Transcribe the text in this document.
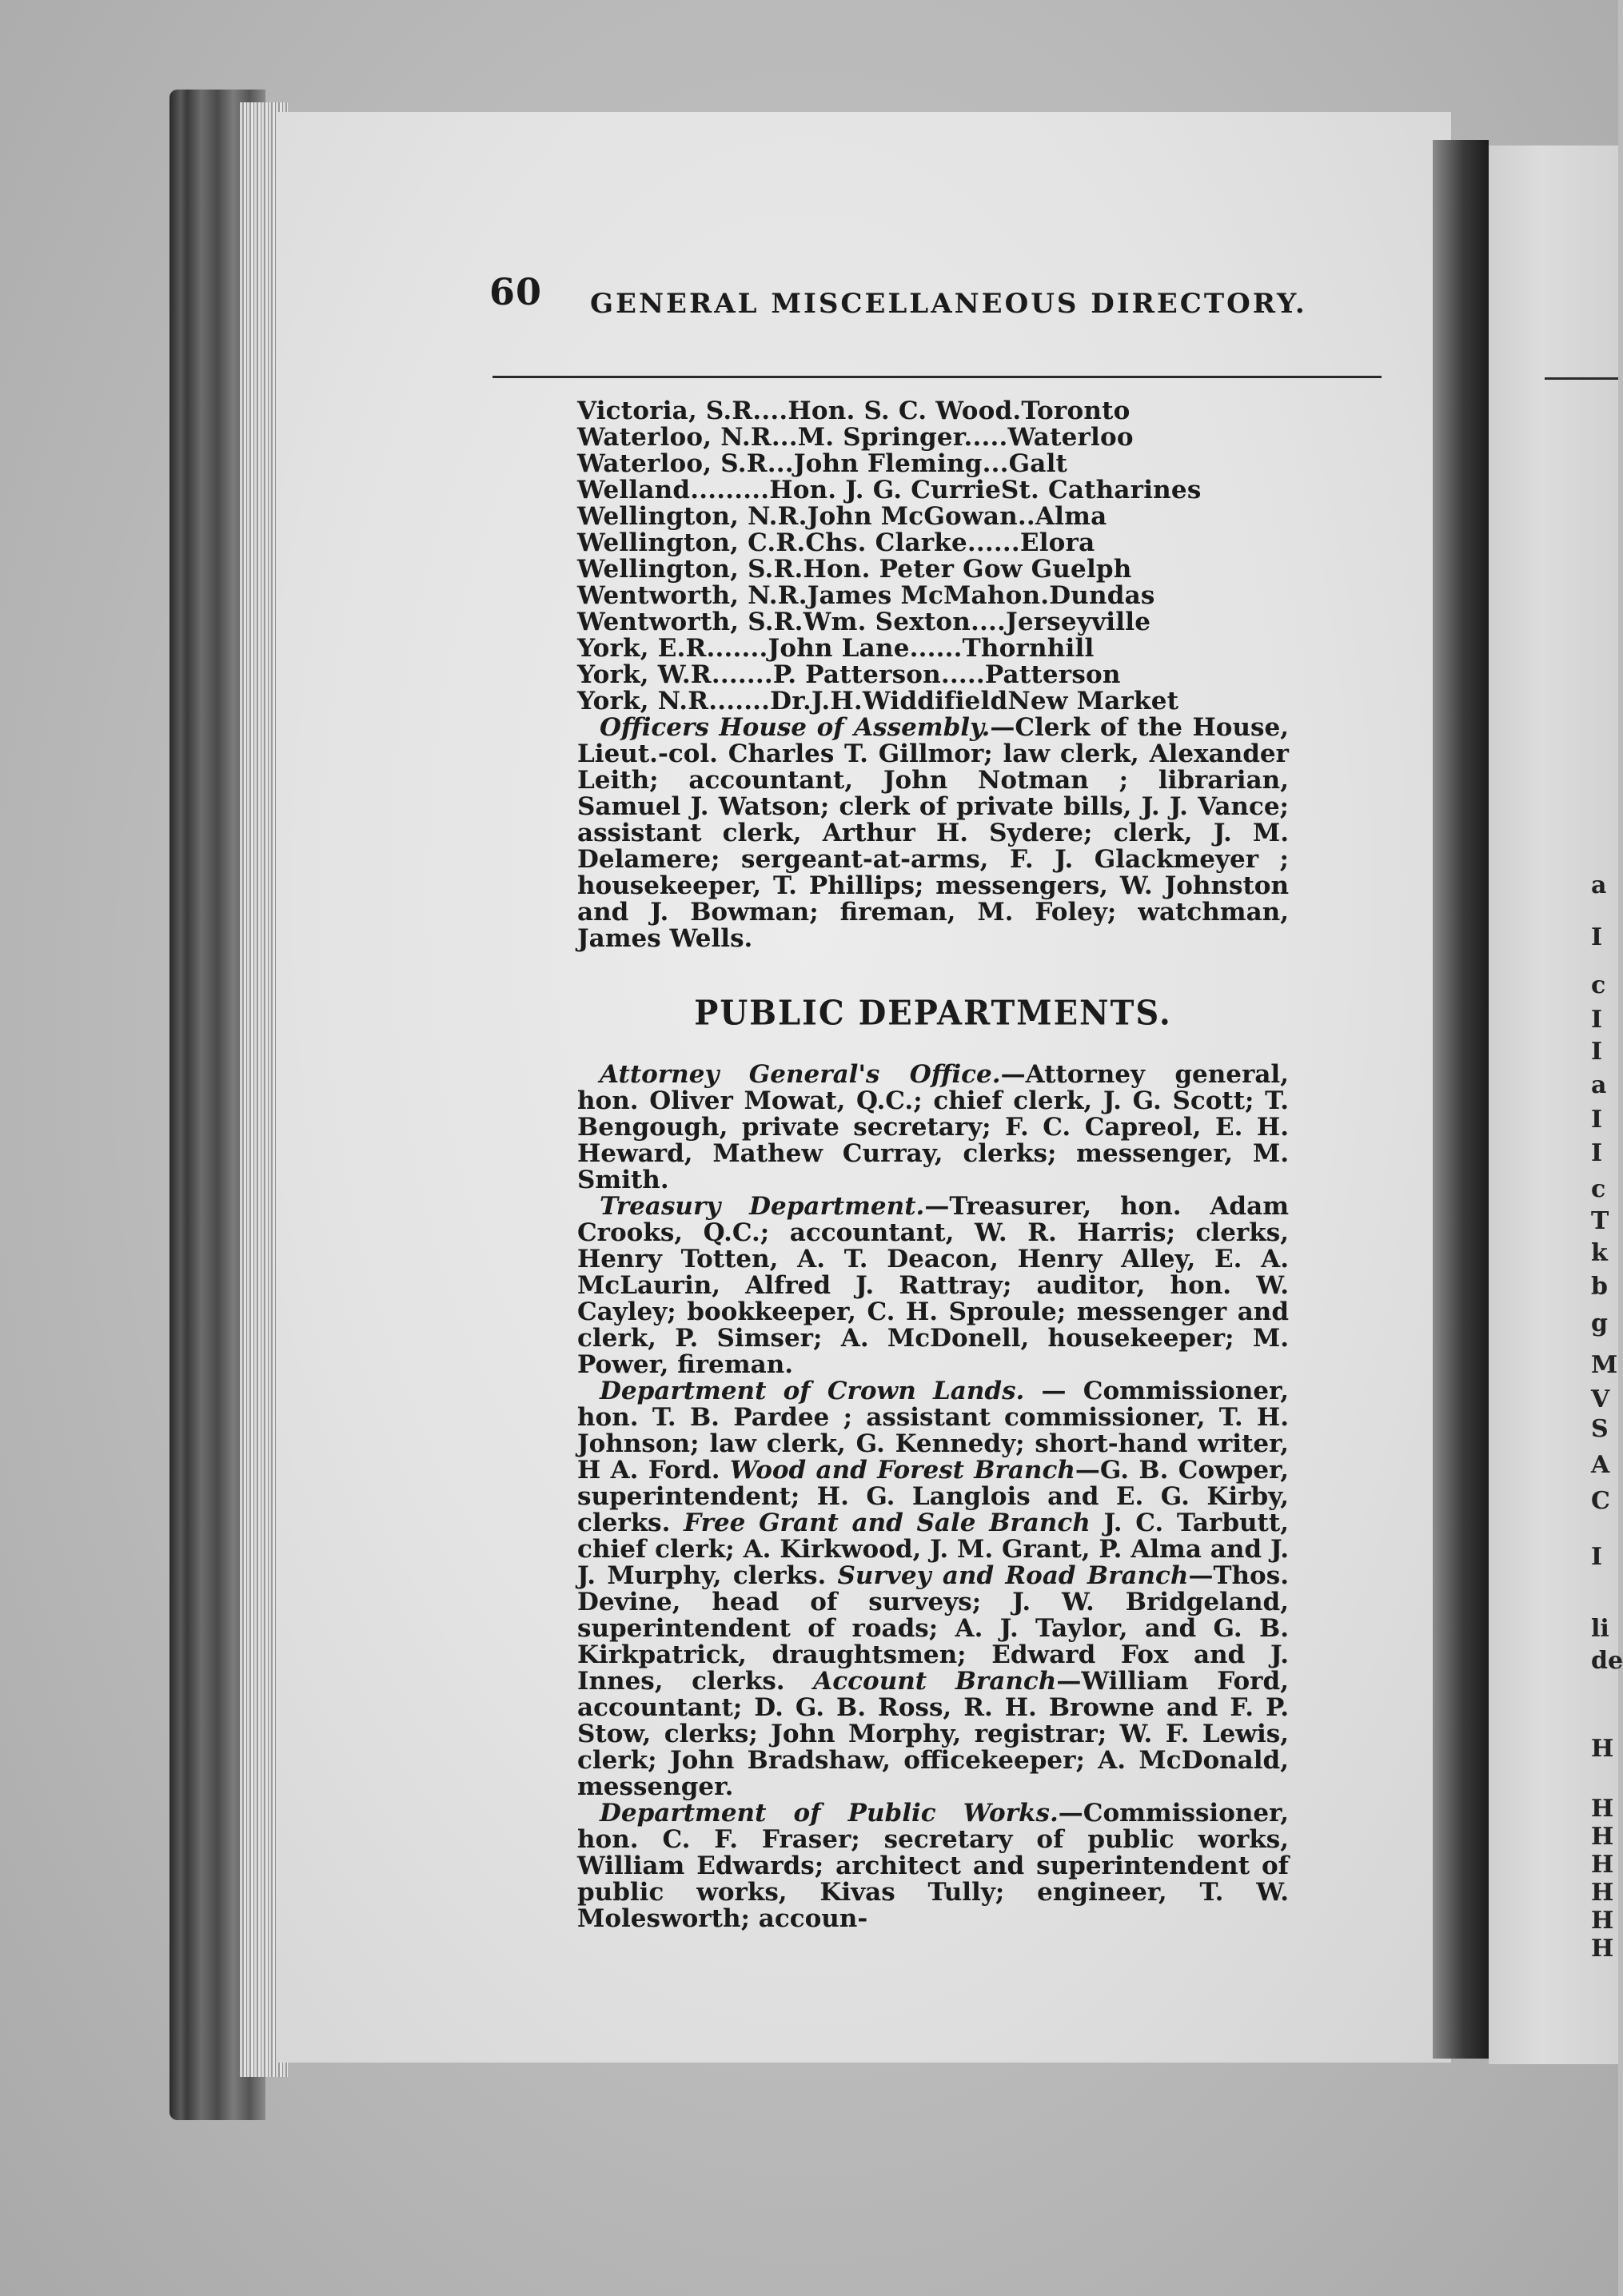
a
I
c
I
I
a
I
I
c
T
k
b
g
M
V
S
A
C
I
li
de
H
H
H
H
H
H
H
60 GENERAL MISCELLANEOUS DIRECTORY.
Victoria, S.R....Hon. S. C. Wood.Toronto
Waterloo, N.R...M. Springer.....Waterloo
Waterloo, S.R...John Fleming...Galt
Welland.........Hon. J. G. CurrieSt. Catharines
Wellington, N.R.John McGowan..Alma
Wellington, C.R.Chs. Clarke......Elora
Wellington, S.R.Hon. Peter Gow Guelph
Wentworth, N.R.James McMahon.Dundas
Wentworth, S.R.Wm. Sexton....Jerseyville
York, E.R.......John Lane......Thornhill
York, W.R.......P. Patterson.....Patterson
York, N.R.......Dr.J.H.WiddifieldNew Market

Officers House of Assembly.—Clerk of the House, Lieut.-col. Charles T. Gillmor; law clerk, Alexander Leith; accountant, John Notman ; librarian, Samuel J. Watson; clerk of private bills, J. J. Vance; assistant clerk, Arthur H. Sydere; clerk, J. M. Delamere; sergeant-at-arms, F. J. Glackmeyer ; housekeeper, T. Phillips; messengers, W. Johnston and J. Bowman; fireman, M. Foley; watchman, James Wells.

PUBLIC DEPARTMENTS.

Attorney General's Office.—Attorney general, hon. Oliver Mowat, Q.C.; chief clerk, J. G. Scott; T. Bengough, private secretary; F. C. Capreol, E. H. Heward, Mathew Curray, clerks; messenger, M. Smith.

Treasury Department.—Treasurer, hon. Adam Crooks, Q.C.; accountant, W. R. Harris; clerks, Henry Totten, A. T. Deacon, Henry Alley, E. A. McLaurin, Alfred J. Rattray; auditor, hon. W. Cayley; bookkeeper, C. H. Sproule; messenger and clerk, P. Simser; A. McDonell, housekeeper; M. Power, fireman.

Department of Crown Lands. — Commissioner, hon. T. B. Pardee ; assistant commissioner, T. H. Johnson; law clerk, G. Kennedy; short-hand writer, H A. Ford. Wood and Forest Branch—G. B. Cowper, superintendent; H. G. Langlois and E. G. Kirby, clerks. Free Grant and Sale Branch J. C. Tarbutt, chief clerk; A. Kirkwood, J. M. Grant, P. Alma and J. J. Murphy, clerks. Survey and Road Branch—Thos. Devine, head of surveys; J. W. Bridgeland, superintendent of roads; A. J. Taylor, and G. B. Kirkpatrick, draughtsmen; Edward Fox and J. Innes, clerks. Account Branch—William Ford, accountant; D. G. B. Ross, R. H. Browne and F. P. Stow, clerks; John Morphy, registrar; W. F. Lewis, clerk; John Bradshaw, officekeeper; A. McDonald, messenger.

Department of Public Works.—Commissioner, hon. C. F. Fraser; secretary of public works, William Edwards; architect and superintendent of public works, Kivas Tully; engineer, T. W. Molesworth; accoun-
